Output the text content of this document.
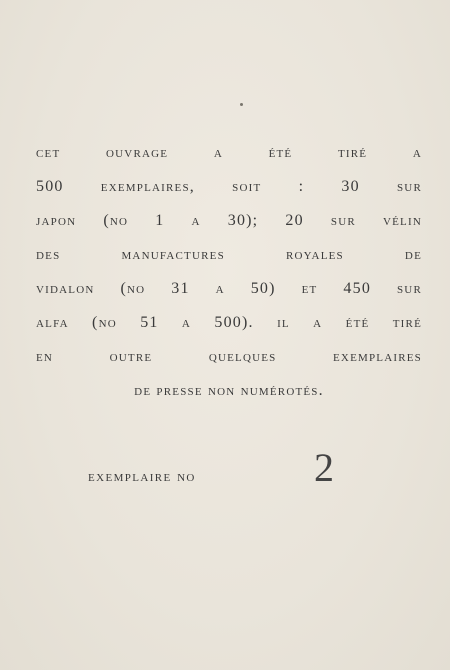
cet ouvrage a été tiré a
500 exemplaires, soit : 30 sur
japon (no 1 a 30); 20 sur vélin
des manufactures royales de
vidalon (no 31 a 50) et 450 sur
alfa (no 51 a 500). il a été tiré
en outre quelques exemplaires
de presse non numérotés.
exemplaire no	2
